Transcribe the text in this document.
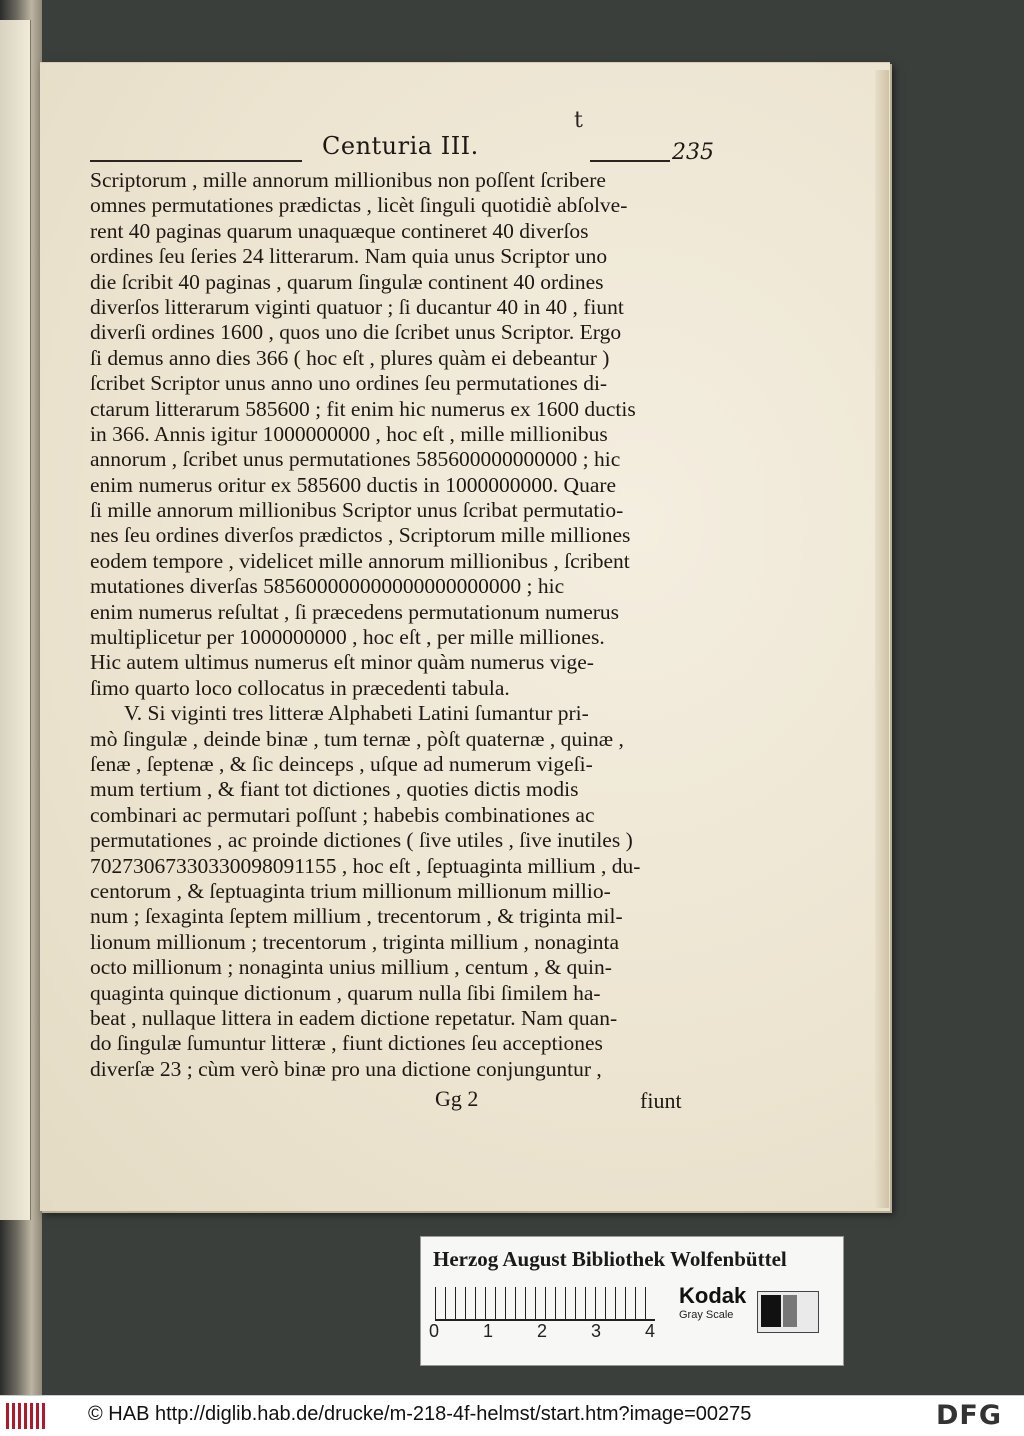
t
Centuria III.	235
Scriptorum , mille annorum millionibus non poſſent ſcribere
omnes permutationes prædictas , licèt ſinguli quotidiè abſolve-
rent 40 paginas quarum unaquæque contineret 40 diverſos
ordines ſeu ſeries 24 litterarum. Nam quia unus Scriptor uno
die ſcribit 40 paginas , quarum ſingulæ continent 40 ordines
diverſos litterarum viginti quatuor ; ſi ducantur 40 in 40 , fiunt
diverſi ordines 1600 , quos uno die ſcribet unus Scriptor. Ergo
ſi demus anno dies 366 ( hoc eſt , plures quàm ei debeantur )
ſcribet Scriptor unus anno uno ordines ſeu permutationes di-
ctarum litterarum 585600 ; fit enim hic numerus ex 1600 ductis
in 366. Annis igitur 1000000000 , hoc eſt , mille millionibus
annorum , ſcribet unus permutationes 585600000000000 ; hic
enim numerus oritur ex 585600 ductis in 1000000000. Quare
ſi mille annorum millionibus Scriptor unus ſcribat permutatio-
nes ſeu ordines diverſos prædictos , Scriptorum mille milliones
eodem tempore , videlicet mille annorum millionibus , ſcribent
mutationes diverſas 585600000000000000000000 ; hic
enim numerus reſultat , ſi præcedens permutationum numerus
multiplicetur per 1000000000 , hoc eſt , per mille milliones.
Hic autem ultimus numerus eſt minor quàm numerus vige-
ſimo quarto loco collocatus in præcedenti tabula.
V. Si viginti tres litteræ Alphabeti Latini ſumantur pri-
mò ſingulæ , deinde binæ , tum ternæ , pòſt quaternæ , quinæ ,
ſenæ , ſeptenæ , & ſic deinceps , uſque ad numerum vigeſi-
mum tertium , & fiant tot dictiones , quoties dictis modis
combinari ac permutari poſſunt ; habebis combinationes ac
permutationes , ac proinde dictiones ( ſive utiles , ſive inutiles )
70273067330330098091155 , hoc eſt , ſeptuaginta millium , du-
centorum , & ſeptuaginta trium millionum millionum millio-
num ; ſexaginta ſeptem millium , trecentorum , & triginta mil-
lionum millionum ; trecentorum , triginta millium , nonaginta
octo millionum ; nonaginta unius millium , centum , & quin-
quaginta quinque dictionum , quarum nulla ſibi ſimilem ha-
beat , nullaque littera in eadem dictione repetatur. Nam quan-
do ſingulæ ſumuntur litteræ , fiunt dictiones ſeu acceptiones
diverſæ 23 ; cùm verò binæ pro una dictione conjunguntur ,
Gg 2	fiunt
Herzog August Bibliothek Wolfenbüttel
0 1 2 3 4
Kodak
Gray Scale
© HAB http://diglib.hab.de/drucke/m-218-4f-helmst/start.htm?image=00275	DFG
